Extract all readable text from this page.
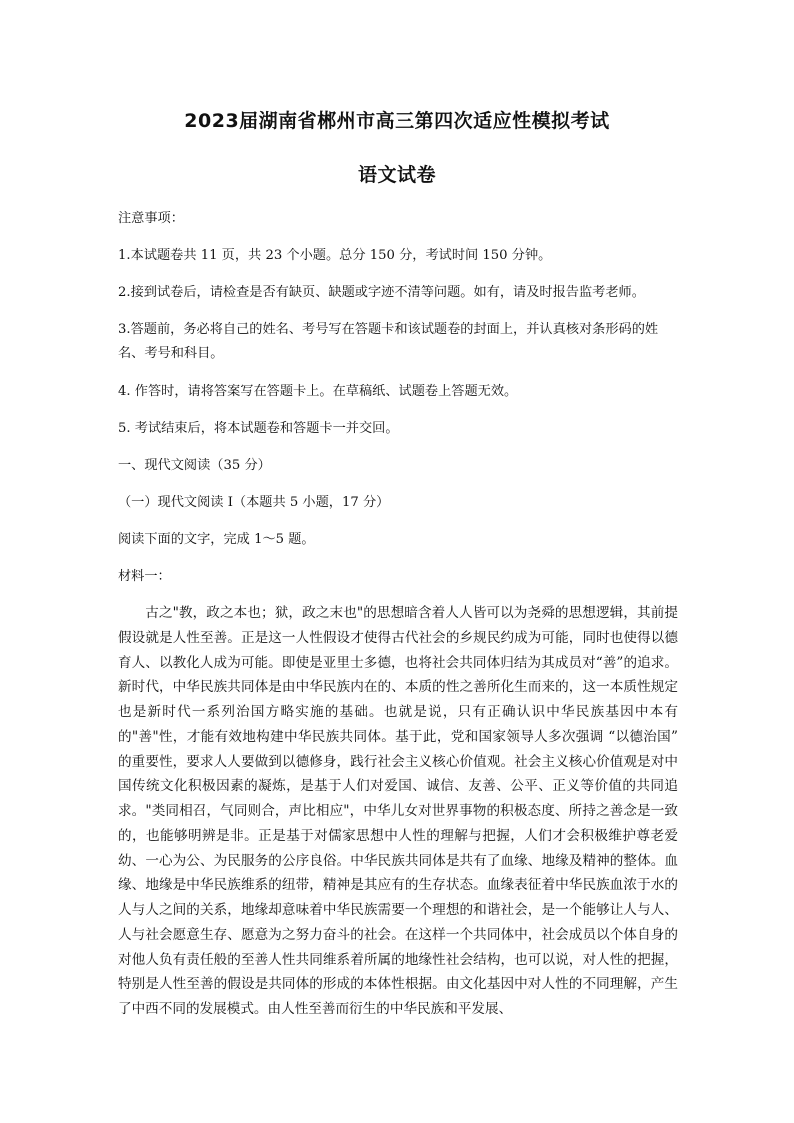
2023届湖南省郴州市高三第四次适应性模拟考试
语文试卷
注意事项：
1.本试题卷共 11 页，共 23 个小题。总分 150 分，考试时间 150 分钟。
2.接到试卷后，请检查是否有缺页、缺题或字迹不清等问题。如有，请及时报告监考老师。
3.答题前，务必将自己的姓名、考号写在答题卡和该试题卷的封面上，并认真核对条形码的姓名、考号和科目。
4. 作答时，请将答案写在答题卡上。在草稿纸、试题卷上答题无效。
5. 考试结束后，将本试题卷和答题卡一并交回。
一、现代文阅读（35 分）
（一）现代文阅读 I（本题共 5 小题，17 分）
阅读下面的文字，完成 1～5 题。
材料一：
古之"教，政之本也；狱，政之末也"的思想暗含着人人皆可以为尧舜的思想逻辑，其前提假设就是人性至善。正是这一人性假设才使得古代社会的乡规民约成为可能，同时也使得以德育人、以教化人成为可能。即使是亚里士多德，也将社会共同体归结为其成员对“善”的追求。新时代，中华民族共同体是由中华民族内在的、本质的性之善所化生而来的，这一本质性规定也是新时代一系列治国方略实施的基础。也就是说，只有正确认识中华民族基因中本有的"善"性，才能有效地构建中华民族共同体。基于此，党和国家领导人多次强调 “以德治国” 的重要性，要求人人要做到以德修身，践行社会主义核心价值观。社会主义核心价值观是对中国传统文化积极因素的凝炼，是基于人们对爱国、诚信、友善、公平、正义等价值的共同追求。"类同相召，气同则合，声比相应"，中华儿女对世界事物的积极态度、所持之善念是一致的，也能够明辨是非。正是基于对儒家思想中人性的理解与把握，人们才会积极维护尊老爱幼、一心为公、为民服务的公序良俗。中华民族共同体是共有了血缘、地缘及精神的整体。血缘、地缘是中华民族维系的纽带，精神是其应有的生存状态。血缘表征着中华民族血浓于水的人与人之间的关系，地缘却意味着中华民族需要一个理想的和谐社会，是一个能够让人与人、人与社会愿意生存、愿意为之努力奋斗的社会。在这样一个共同体中，社会成员以个体自身的对他人负有责任般的至善人性共同维系着所属的地缘性社会结构，也可以说，对人性的把握，特别是人性至善的假设是共同体的形成的本体性根据。由文化基因中对人性的不同理解，产生了中西不同的发展模式。由人性至善而衍生的中华民族和平发展、
